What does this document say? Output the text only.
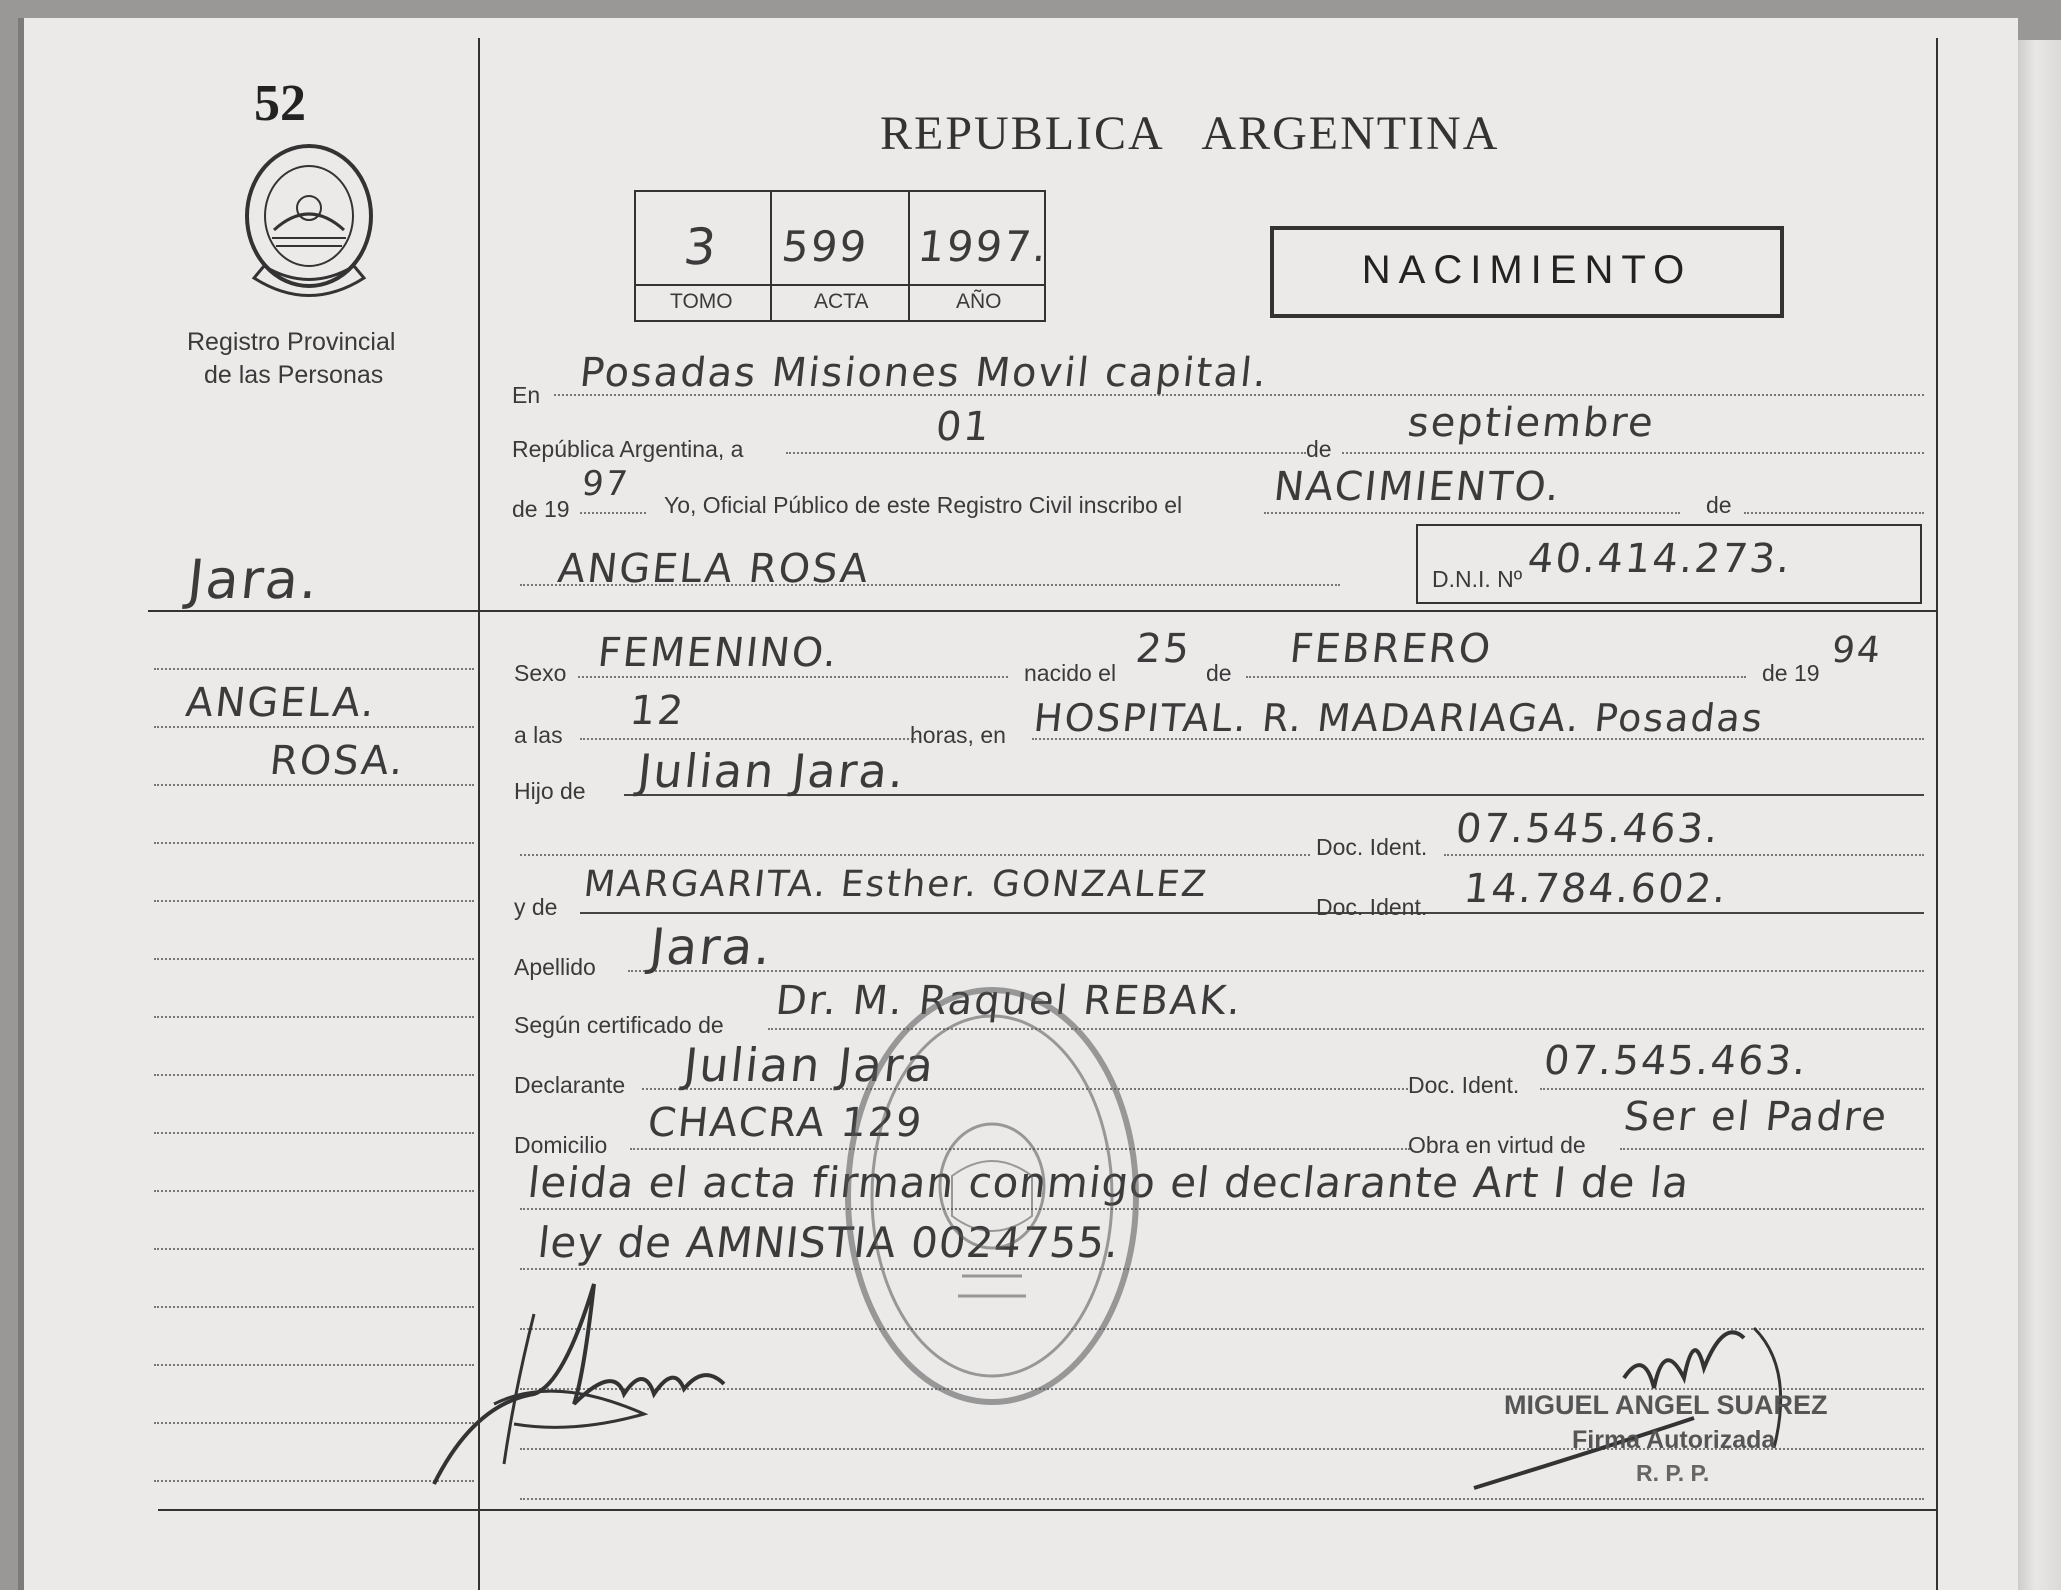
52
Registro Provincial
de las Personas
REPUBLICA   ARGENTINA
3 599 1997.
TOMO	ACTA	AÑO
NACIMIENTO
En Posadas Misiones Movil capital.
República Argentina, a	01	de
septiembre
de 19
97
Yo, Oficial Público de este Registro Civil inscribo el NACIMIENTO.	de
ANGELA ROSA	D.N.I. Nº 40.414.273.
Jara.
ANGELA.
ROSA.
Sexo FEMENINO.	nacido el
25
de
FEBRERO
de 19
94
a las
12
horas, en HOSPITAL. R. MADARIAGA. Posadas
Hijo de Julian Jara.
Doc. Ident. 07.545.463.
y de
MARGARITA. Esther. GONZALEZ
Doc. Ident. 14.784.602.
Apellido Jara.
Según certificado de
Dr. M. Raquel REBAK.
Declarante Julian Jara	Doc. Ident.
07.545.463.
Domicilio CHACRA 129	Obra en virtud de
Ser el Padre
leida el acta firman conmigo el declarante Art I de la
ley de AMNISTIA 0024755.
MIGUEL ANGEL SUAREZ
Firma Autorizada
R. P. P.
